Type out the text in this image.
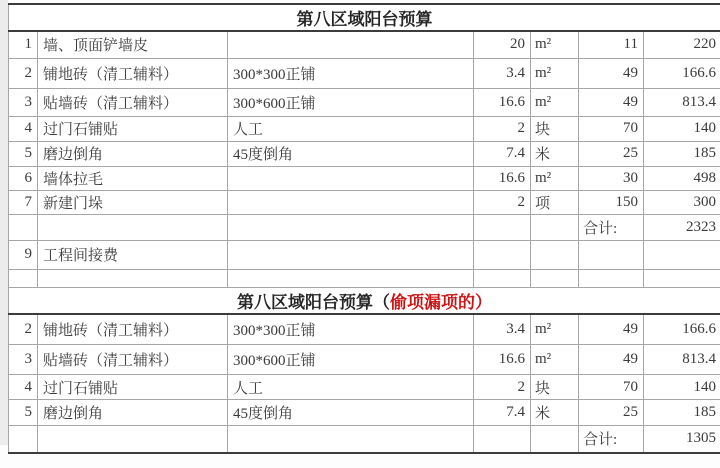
第八区域阳台预算						
1	墙、顶面铲墙皮		20	m²	11	220
2	铺地砖（清工辅料）	300*300正铺	3.4	m²	49	166.6
3	贴墙砖（清工辅料）	300*600正铺	16.6	m²	49	813.4
4	过门石铺贴	人工	2	块	70	140
5	磨边倒角	45度倒角	7.4	米	25	185
6	墙体拉毛		16.6	m²	30	498
7	新建门垛		2	项	150	300
					合计:	2323
9	工程间接费					

第八区域阳台预算（偷项漏项的）						
2	铺地砖（清工辅料）	300*300正铺	3.4	m²	49	166.6
3	贴墙砖（清工辅料）	300*600正铺	16.6	m²	49	813.4
4	过门石铺贴	人工	2	块	70	140
5	磨边倒角	45度倒角	7.4	米	25	185
					合计:	1305
